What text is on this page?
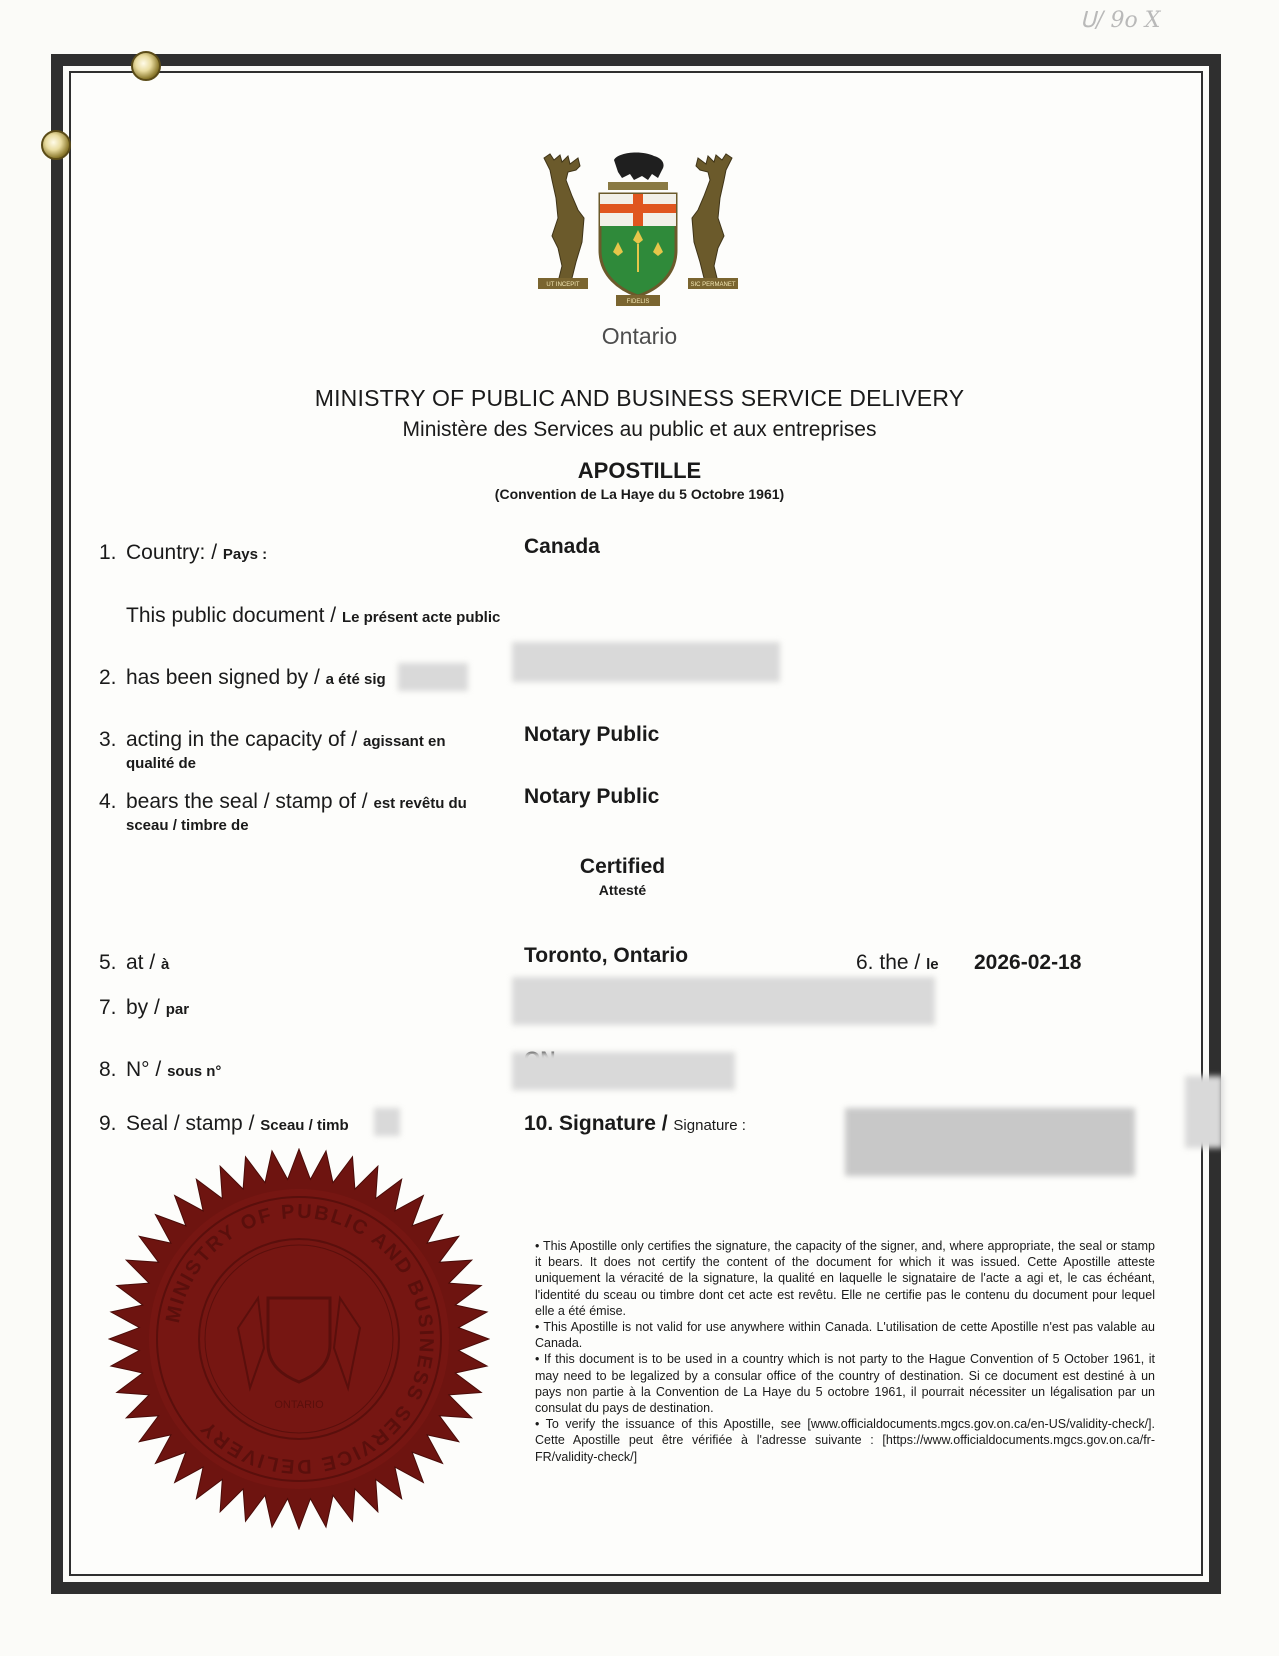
ᑌ/ 9ο X
UT INCEPIT	SIC PERMANET
FIDELIS
Ontario
MINISTRY OF PUBLIC AND BUSINESS SERVICE DELIVERY
Ministère des Services au public et aux entreprises
APOSTILLE
(Convention de La Haye du 5 Octobre 1961)
1. Country: / Pays :	Canada
This public document / Le présent acte public
2. has been signed by / a été sig
3. acting in the capacity of / agissant en
qualité de
Notary Public
4. bears the seal / stamp of / est revêtu du
sceau / timbre de
Notary Public
Certified
Attesté
5. at / à	Toronto, Ontario	6. the / le 2026-02-18
7. by / par
8. N° / sous n°
9. Seal / stamp / Sceau / timb	10. Signature / Signature :
MINISTRY OF PUBLIC AND BUSINESS SERVICE DELIVERY
ONTARIO

• This Apostille only certifies the signature, the capacity of the signer, and, where appropriate, the seal or stamp it bears. It does not certify the content of the document for which it was issued. Cette Apostille atteste uniquement la véracité de la signature, la qualité en laquelle le signataire de l'acte a agi et, le cas échéant, l'identité du sceau ou timbre dont cet acte est revêtu. Elle ne certifie pas le contenu du document pour lequel elle a été émise.

• This Apostille is not valid for use anywhere within Canada. L'utilisation de cette Apostille n'est pas valable au Canada.

• If this document is to be used in a country which is not party to the Hague Convention of 5 October 1961, it may need to be legalized by a consular office of the country of destination. Si ce document est destiné à un pays non partie à la Convention de La Haye du 5 octobre 1961, il pourrait nécessiter un légalisation par un consulat du pays de destination.

• To verify the issuance of this Apostille, see [www.officialdocuments.mgcs.gov.on.ca/en-US/validity-check/]. Cette Apostille peut être vérifiée à l'adresse suivante : [https://www.officialdocuments.mgcs.gov.on.ca/fr-FR/validity-check/]
